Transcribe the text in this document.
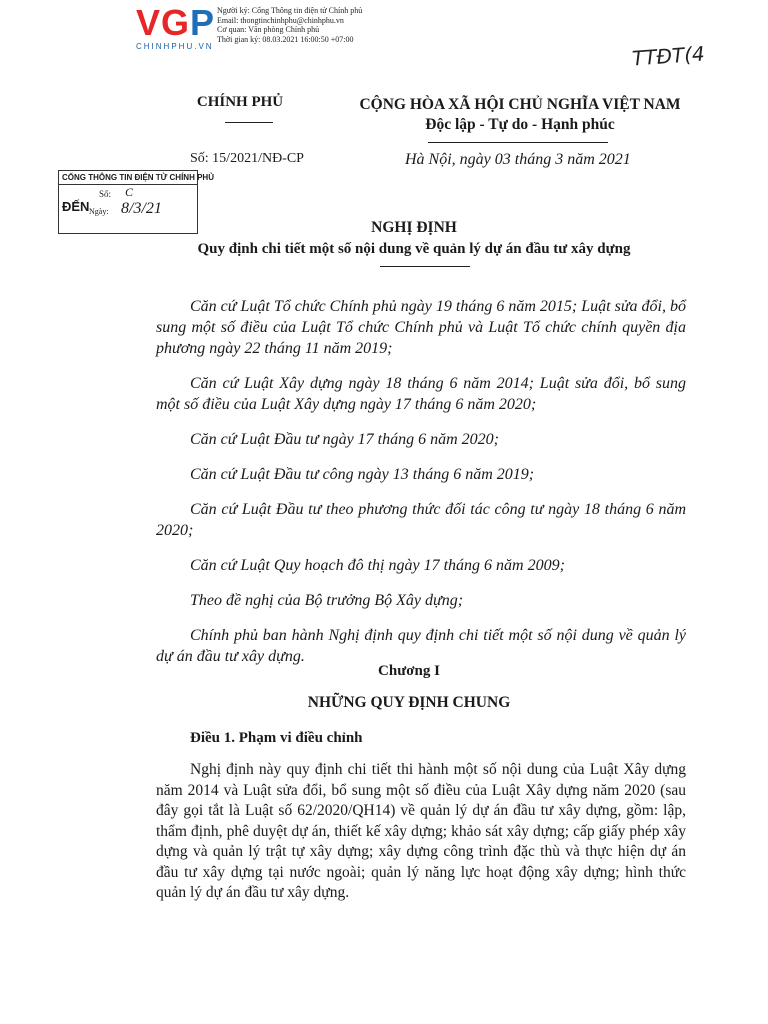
VGP
CHINHPHU.VN
Người ký: Cổng Thông tin điện tử Chính phủ
Email: thongtinchinhphu@chinhphu.vn
Cơ quan: Văn phòng Chính phủ
Thời gian ký: 08.03.2021 16:00:50 +07:00
ТТĐТ(4
CHÍNH PHỦ	CỘNG HÒA XÃ HỘI CHỦ NGHĨA VIỆT NAM
Độc lập - Tự do - Hạnh phúc
Số: 15/2021/NĐ-CP	Hà Nội, ngày 03 tháng 3 năm 2021
CỔNG THÔNG TIN ĐIỆN TỬ CHÍNH PHỦ
ĐẾN
Số: C
Ngày: 8/3/21
NGHỊ ĐỊNH
Quy định chi tiết một số nội dung về quản lý dự án đầu tư xây dựng

Căn cứ Luật Tổ chức Chính phủ ngày 19 tháng 6 năm 2015; Luật sửa đổi, bổ sung một số điều của Luật Tổ chức Chính phủ và Luật Tổ chức chính quyền địa phương ngày 22 tháng 11 năm 2019;

Căn cứ Luật Xây dựng ngày 18 tháng 6 năm 2014; Luật sửa đổi, bổ sung một số điều của Luật Xây dựng ngày 17 tháng 6 năm 2020;

Căn cứ Luật Đầu tư ngày 17 tháng 6 năm 2020;

Căn cứ Luật Đầu tư công ngày 13 tháng 6 năm 2019;

Căn cứ Luật Đầu tư theo phương thức đối tác công tư ngày 18 tháng 6 năm 2020;

Căn cứ Luật Quy hoạch đô thị ngày 17 tháng 6 năm 2009;

Theo đề nghị của Bộ trưởng Bộ Xây dựng;

Chính phủ ban hành Nghị định quy định chi tiết một số nội dung về quản lý dự án đầu tư xây dựng.

Chương I
NHỮNG QUY ĐỊNH CHUNG
Điều 1. Phạm vi điều chỉnh

Nghị định này quy định chi tiết thi hành một số nội dung của Luật Xây dựng năm 2014 và Luật sửa đổi, bổ sung một số điều của Luật Xây dựng năm 2020 (sau đây gọi tắt là Luật số 62/2020/QH14) về quản lý dự án đầu tư xây dựng, gồm: lập, thẩm định, phê duyệt dự án, thiết kế xây dựng; khảo sát xây dựng; cấp giấy phép xây dựng và quản lý trật tự xây dựng; xây dựng công trình đặc thù và thực hiện dự án đầu tư xây dựng tại nước ngoài; quản lý năng lực hoạt động xây dựng; hình thức quản lý dự án đầu tư xây dựng.
